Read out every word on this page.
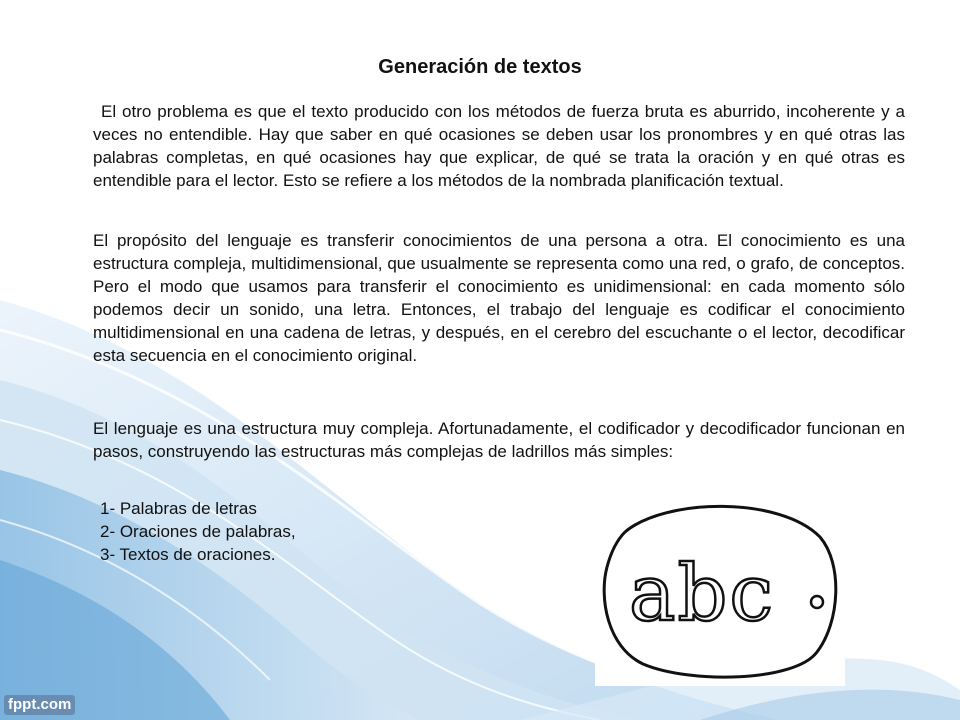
Generación de textos

El otro problema es que el texto producido con los métodos de fuerza bruta es aburrido, incoherente y a veces no entendible. Hay que saber en qué ocasiones se deben usar los pronombres y en qué otras las palabras completas, en qué ocasiones hay que explicar, de qué se trata la oración y en qué otras es entendible para el lector. Esto se refiere a los métodos de la nombrada planificación textual.

El propósito del lenguaje es transferir conocimientos de una persona a otra. El conocimiento es una estructura compleja, multidimensional, que usualmente se representa como una red, o grafo, de conceptos. Pero el modo que usamos para transferir el conocimiento es unidimensional: en cada momento sólo podemos decir un sonido, una letra. Entonces, el trabajo del lenguaje es codificar el conocimiento multidimensional en una cadena de letras, y después, en el cerebro del escuchante o el lector, decodificar esta secuencia en el conocimiento original.

El lenguaje es una estructura muy compleja. Afortunadamente, el codificador y decodificador funcionan en pasos, construyendo las estructuras más complejas de ladrillos más simples:

1- Palabras de letras
2- Oraciones de palabras,
3- Textos de oraciones.	abc
fppt.com
